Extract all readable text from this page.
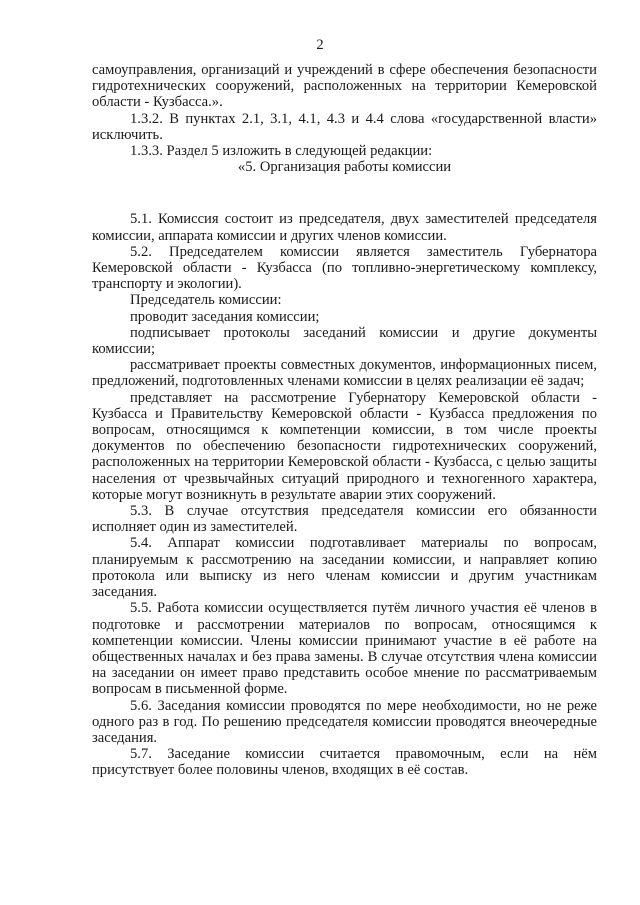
2

самоуправления, организаций и учреждений в сфере обеспечения безопасности гидротехнических сооружений, расположенных на территории Кемеровской области - Кузбасса.».

1.3.2. В пунктах 2.1, 3.1, 4.1, 4.3 и 4.4 слова «государственной власти» исключить.

1.3.3. Раздел 5 изложить в следующей редакции:

«5. Организация работы комиссии

5.1. Комиссия состоит из председателя, двух заместителей председателя комиссии, аппарата комиссии и других членов комиссии.

5.2. Председателем комиссии является заместитель Губернатора Кемеровской области - Кузбасса (по топливно-энергетическому комплексу, транспорту и экологии).

Председатель комиссии:

проводит заседания комиссии;

подписывает протоколы заседаний комиссии и другие документы комиссии;

рассматривает проекты совместных документов, информационных писем, предложений, подготовленных членами комиссии в целях реализации её задач;

представляет на рассмотрение Губернатору Кемеровской области - Кузбасса и Правительству Кемеровской области - Кузбасса предложения по вопросам, относящимся к компетенции комиссии, в том числе проекты документов по обеспечению безопасности гидротехнических сооружений, расположенных на территории Кемеровской области - Кузбасса, с целью защиты населения от чрезвычайных ситуаций природного и техногенного характера, которые могут возникнуть в результате аварии этих сооружений.

5.3. В случае отсутствия председателя комиссии его обязанности исполняет один из заместителей.

5.4. Аппарат комиссии подготавливает материалы по вопросам, планируемым к рассмотрению на заседании комиссии, и направляет копию протокола или выписку из него членам комиссии и другим участникам заседания.

5.5. Работа комиссии осуществляется путём личного участия её членов в подготовке и рассмотрении материалов по вопросам, относящимся к компетенции комиссии. Члены комиссии принимают участие в её работе на общественных началах и без права замены. В случае отсутствия члена комиссии на заседании он имеет право представить особое мнение по рассматриваемым вопросам в письменной форме.

5.6. Заседания комиссии проводятся по мере необходимости, но не реже одного раз в год. По решению председателя комиссии проводятся внеочередные заседания.

5.7. Заседание комиссии считается правомочным, если на нём присутствует более половины членов, входящих в её состав.
